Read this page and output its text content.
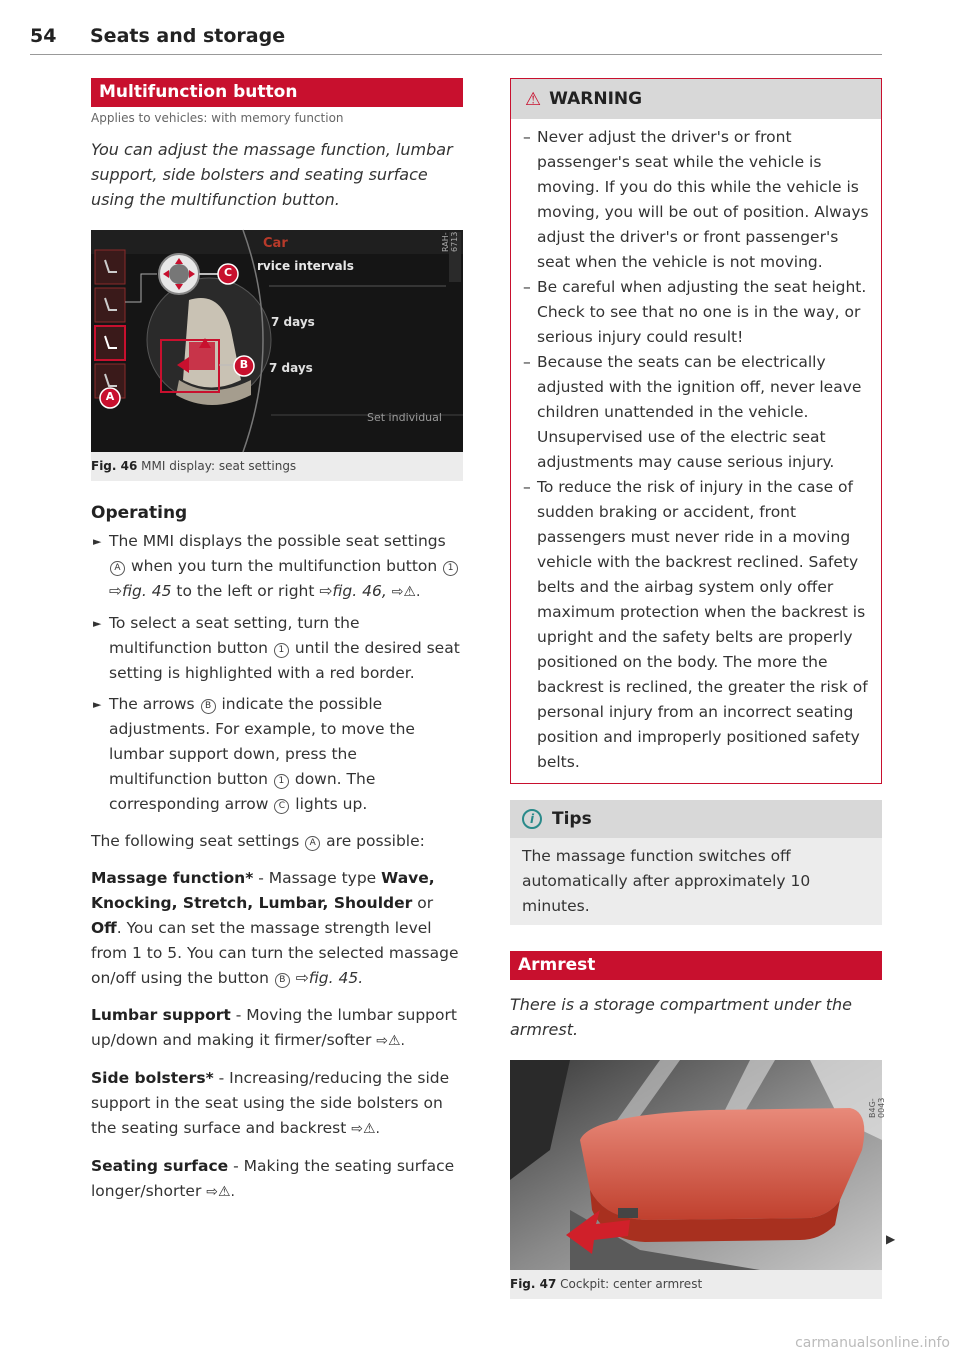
54 Seats and storage
Multifunction button
Applies to vehicles: with memory function
You can adjust the massage function, lumbar support, side bolsters and seating surface using the multifunction button.
C
B
A
Car
rvice intervals
7 days
7 days
Set individual
RAH-6713
Fig. 46 MMI display: seat settings
Operating
► The MMI displays the possible seat settings A when you turn the multifunction button 1 ⇨fig. 45 to the left or right ⇨fig. 46, ⇨⚠.
► To select a seat setting, turn the multifunction button 1 until the desired seat setting is highlighted with a red border.
► The arrows B indicate the possible adjustments. For example, to move the lumbar support down, press the multifunction button 1 down. The corresponding arrow C lights up.
The following seat settings A are possible:
Massage function* - Massage type Wave, Knocking, Stretch, Lumbar, Shoulder or Off. You can set the massage strength level from 1 to 5. You can turn the selected massage on/off using the button B ⇨fig. 45.
Lumbar support - Moving the lumbar support up/down and making it firmer/softer ⇨⚠.
Side bolsters* - Increasing/reducing the side support in the seat using the side bolsters on the seating surface and backrest ⇨⚠.
Seating surface - Making the seating surface longer/shorter ⇨⚠.
⚠ WARNING
– Never adjust the driver's or front passenger's seat while the vehicle is moving. If you do this while the vehicle is moving, you will be out of position. Always adjust the driver's or front passenger's seat when the vehicle is not moving.
– Be careful when adjusting the seat height. Check to see that no one is in the way, or serious injury could result!
– Because the seats can be electrically adjusted with the ignition off, never leave children unattended in the vehicle. Unsupervised use of the electric seat adjustments may cause serious injury.
– To reduce the risk of injury in the case of sudden braking or accident, front passengers must never ride in a moving vehicle with the backrest reclined. Safety belts and the airbag system only offer maximum protection when the backrest is upright and the safety belts are properly positioned on the body. The more the backrest is reclined, the greater the risk of personal injury from an incorrect seating position and improperly positioned safety belts.
i	Tips
The massage function switches off automatically after approximately 10 minutes.
Armrest
There is a storage compartment under the armrest.
B4G-0043
Fig. 47 Cockpit: center armrest
▶
carmanualsonline.info
